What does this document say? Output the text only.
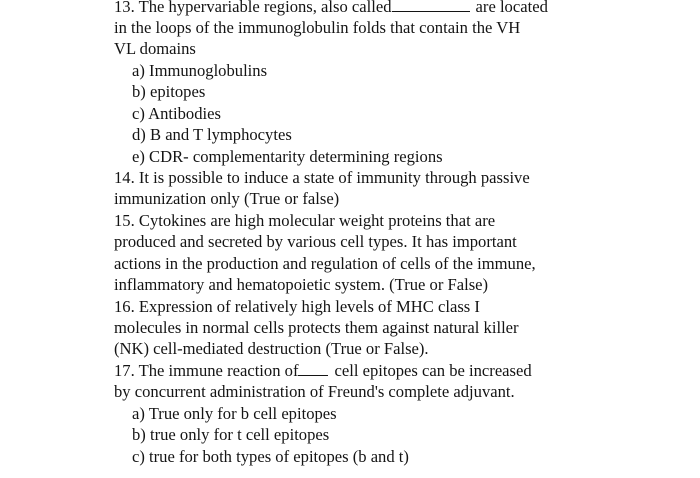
13. The hypervariable regions, also called	are located
in the loops of the immunoglobulin folds that contain the VH
VL domains
a) Immunoglobulins
b) epitopes
c) Antibodies
d) B and T lymphocytes
e) CDR- complementarity determining regions
14. It is possible to induce a state of immunity through passive
immunization only (True or false)
15. Cytokines are high molecular weight proteins that are
produced and secreted by various cell types. It has important
actions in the production and regulation of cells of the immune,
inflammatory and hematopoietic system. (True or False)
16. Expression of relatively high levels of MHC class I
molecules in normal cells protects them against natural killer
(NK) cell-mediated destruction (True or False).
17. The immune reaction of cell epitopes can be increased
by concurrent administration of Freund's complete adjuvant.
a) True only for b cell epitopes
b) true only for t cell epitopes
c) true for both types of epitopes (b and t)
